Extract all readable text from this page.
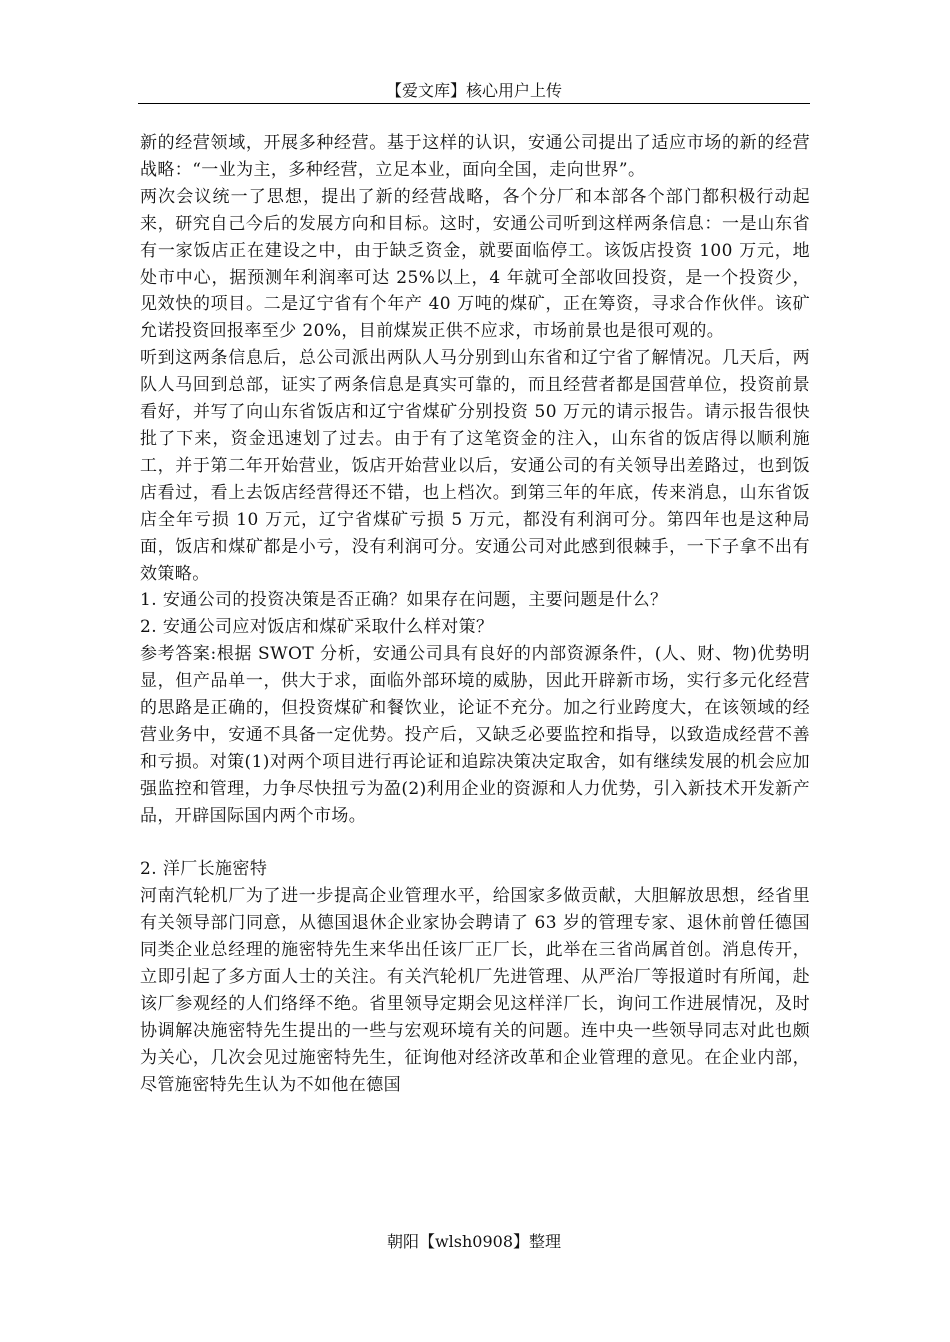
【爱文库】核心用户上传

新的经营领域，开展多种经营。基于这样的认识，安通公司提出了适应市场的新的经营战略：“一业为主，多种经营，立足本业，面向全国，走向世界”。

两次会议统一了思想，提出了新的经营战略，各个分厂和本部各个部门都积极行动起来，研究自己今后的发展方向和目标。这时，安通公司听到这样两条信息：一是山东省有一家饭店正在建设之中，由于缺乏资金，就要面临停工。该饭店投资 100 万元，地处市中心，据预测年利润率可达 25%以上，4 年就可全部收回投资，是一个投资少，见效快的项目。二是辽宁省有个年产 40 万吨的煤矿，正在筹资，寻求合作伙伴。该矿允诺投资回报率至少 20%，目前煤炭正供不应求，市场前景也是很可观的。

听到这两条信息后，总公司派出两队人马分别到山东省和辽宁省了解情况。几天后，两队人马回到总部，证实了两条信息是真实可靠的，而且经营者都是国营单位，投资前景看好，并写了向山东省饭店和辽宁省煤矿分别投资 50 万元的请示报告。请示报告很快批了下来，资金迅速划了过去。由于有了这笔资金的注入，山东省的饭店得以顺利施工，并于第二年开始营业，饭店开始营业以后，安通公司的有关领导出差路过，也到饭店看过，看上去饭店经营得还不错，也上档次。到第三年的年底，传来消息，山东省饭店全年亏损 10 万元，辽宁省煤矿亏损 5 万元，都没有利润可分。第四年也是这种局面，饭店和煤矿都是小亏，没有利润可分。安通公司对此感到很棘手，一下子拿不出有效策略。

1. 安通公司的投资决策是否正确？如果存在问题，主要问题是什么？

2. 安通公司应对饭店和煤矿采取什么样对策？

参考答案:根据 SWOT 分析，安通公司具有良好的内部资源条件，(人、财、物)优势明显，但产品单一，供大于求，面临外部环境的威胁，因此开辟新市场，实行多元化经营的思路是正确的，但投资煤矿和餐饮业，论证不充分。加之行业跨度大，在该领域的经营业务中，安通不具备一定优势。投产后，又缺乏必要监控和指导，以致造成经营不善和亏损。对策(1)对两个项目进行再论证和追踪决策决定取舍，如有继续发展的机会应加强监控和管理，力争尽快扭亏为盈(2)利用企业的资源和人力优势，引入新技术开发新产品，开辟国际国内两个市场。

2. 洋厂长施密特

河南汽轮机厂为了进一步提高企业管理水平，给国家多做贡献，大胆解放思想，经省里有关领导部门同意，从德国退休企业家协会聘请了 63 岁的管理专家、退休前曾任德国同类企业总经理的施密特先生来华出任该厂正厂长，此举在三省尚属首创。消息传开，立即引起了多方面人士的关注。有关汽轮机厂先进管理、从严治厂等报道时有所闻，赴该厂参观经的人们络绎不绝。省里领导定期会见这样洋厂长，询问工作进展情况，及时协调解决施密特先生提出的一些与宏观环境有关的问题。连中央一些领导同志对此也颇为关心，几次会见过施密特先生，征询他对经济改革和企业管理的意见。在企业内部，尽管施密特先生认为不如他在德国

朝阳【wlsh0908】整理
